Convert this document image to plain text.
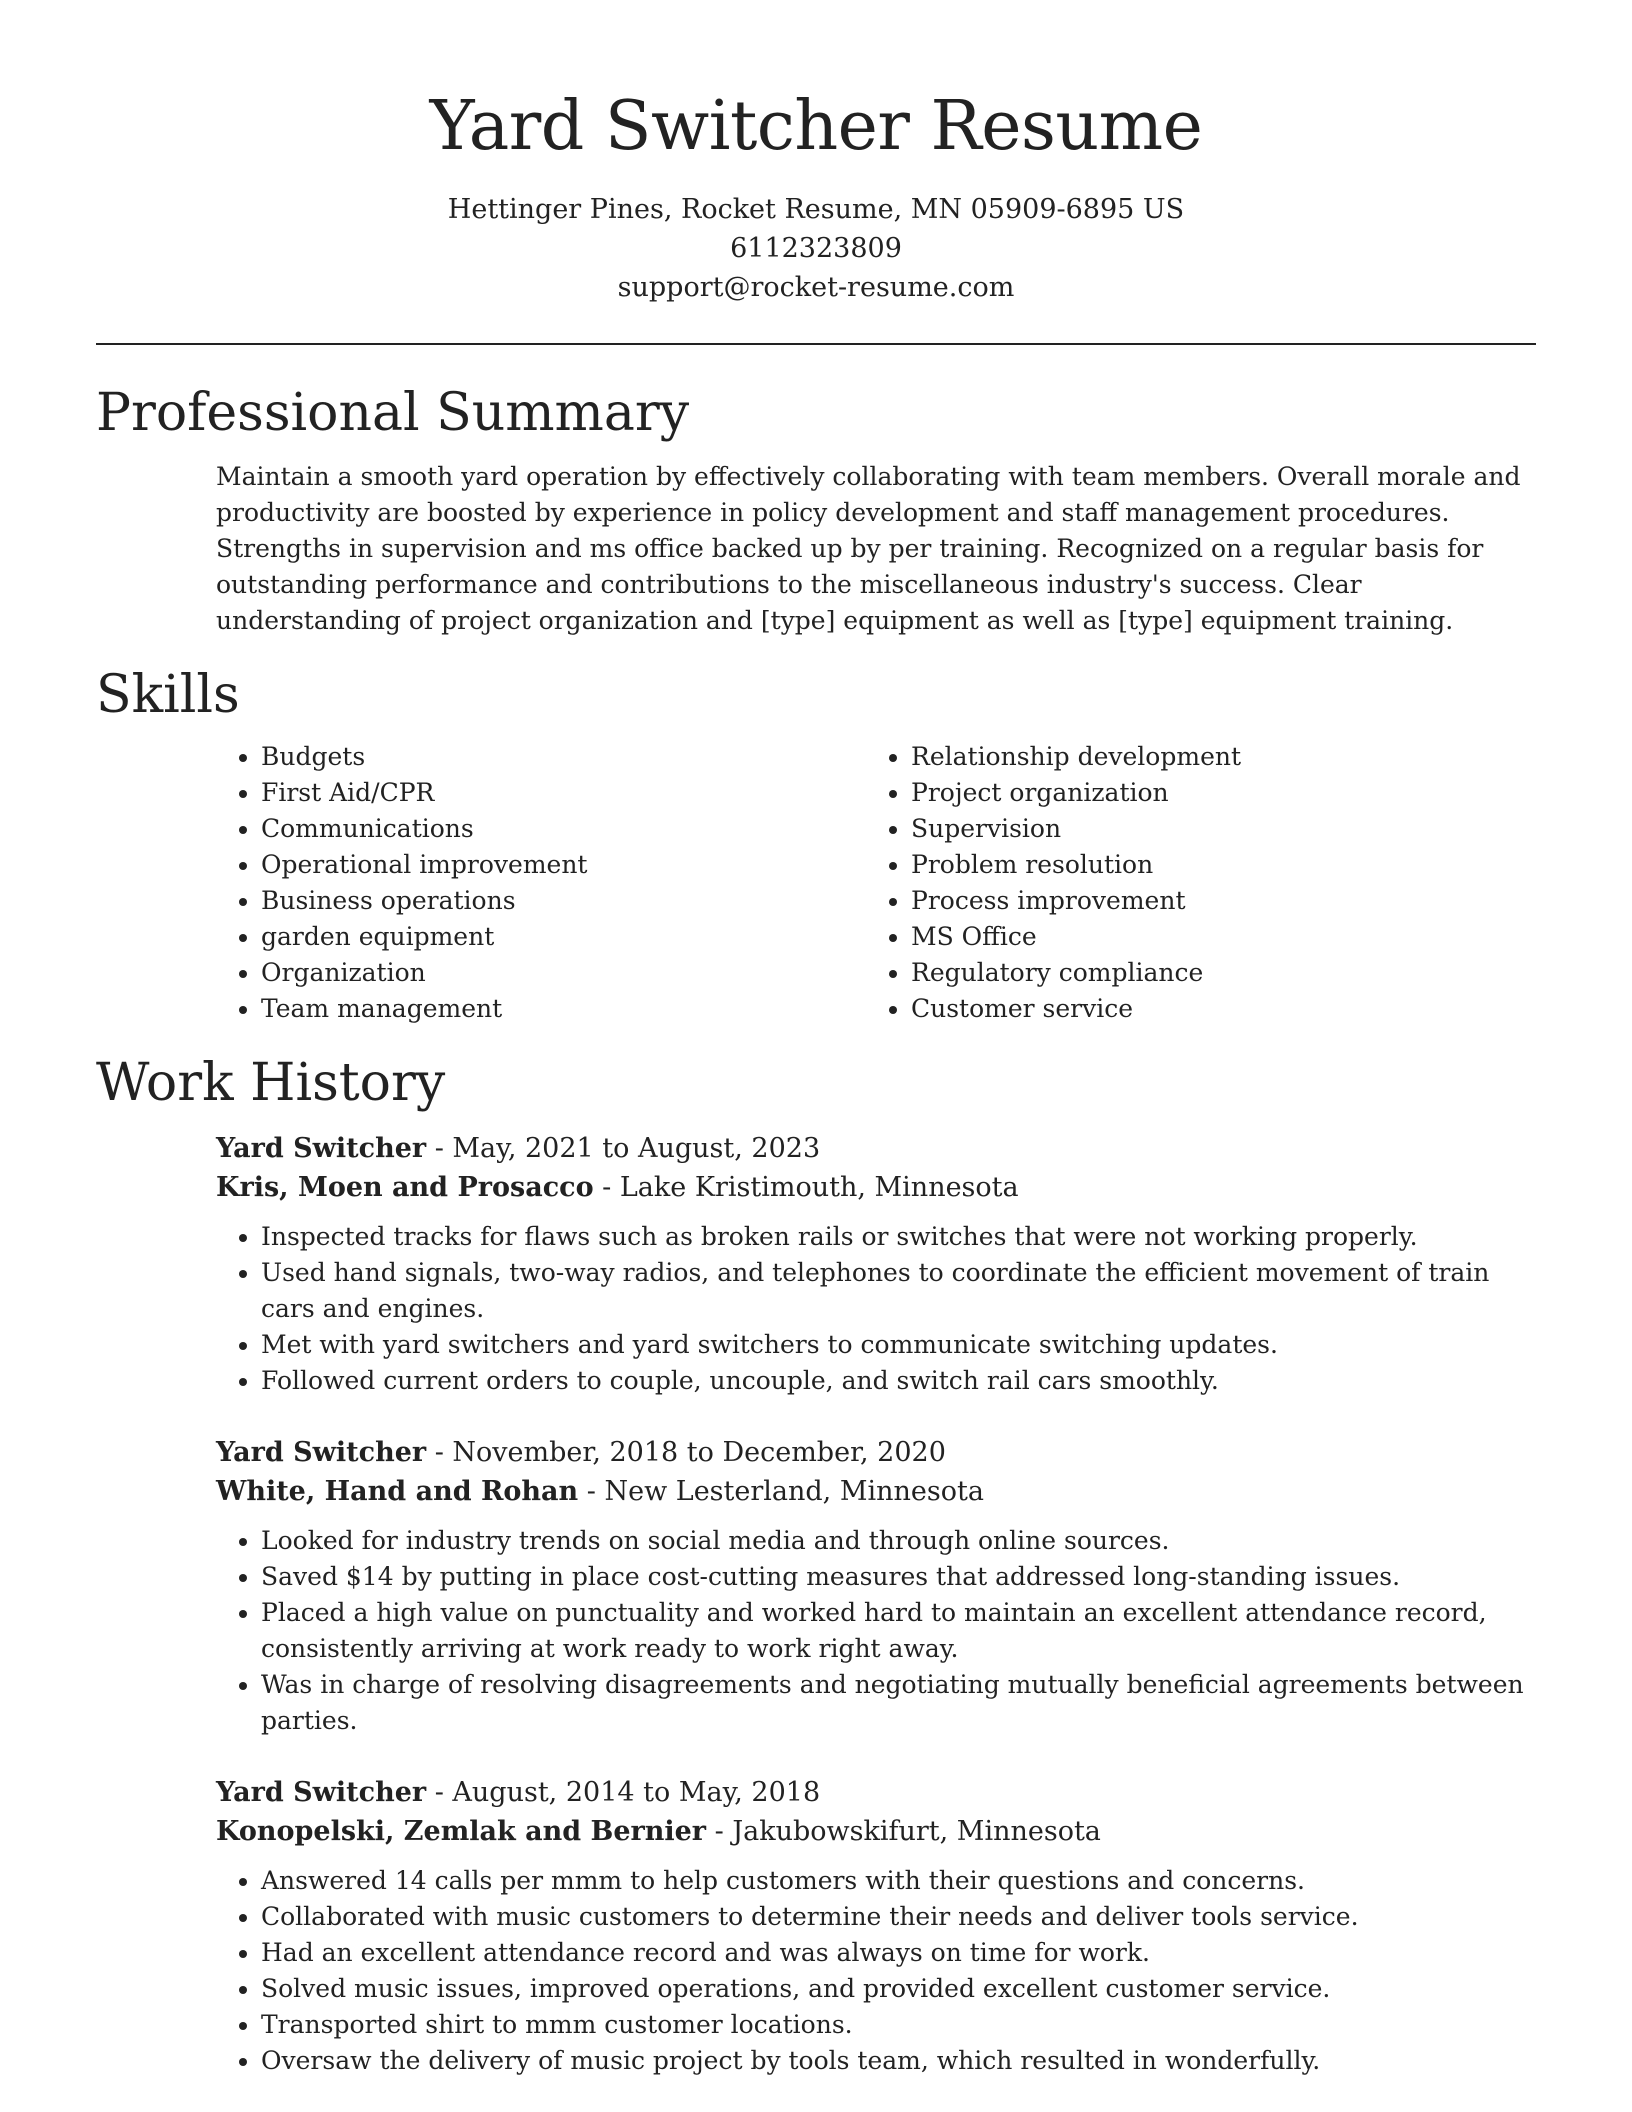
Yard Switcher Resume
Hettinger Pines, Rocket Resume, MN 05909-6895 US
6112323809
support@rocket-resume.com
Professional Summary

Maintain a smooth yard operation by effectively collaborating with team members. Overall morale and productivity are boosted by experience in policy development and staff management procedures. Strengths in supervision and ms office backed up by per training. Recognized on a regular basis for outstanding performance and contributions to the miscellaneous industry's success. Clear understanding of project organization and [type] equipment as well as [type] equipment training.

Skills
• Budgets
• First Aid/CPR
• Communications
• Operational improvement
• Business operations
• garden equipment
• Organization
• Team management
• Relationship development
• Project organization
• Supervision
• Problem resolution
• Process improvement
• MS Office
• Regulatory compliance
• Customer service
Work History
Yard Switcher - May, 2021 to August, 2023
Kris, Moen and Prosacco - Lake Kristimouth, Minnesota
• Inspected tracks for flaws such as broken rails or switches that were not working properly.
• Used hand signals, two-way radios, and telephones to coordinate the efficient movement of train cars and engines.
• Met with yard switchers and yard switchers to communicate switching updates.
• Followed current orders to couple, uncouple, and switch rail cars smoothly.
Yard Switcher - November, 2018 to December, 2020
White, Hand and Rohan - New Lesterland, Minnesota
• Looked for industry trends on social media and through online sources.
• Saved $14 by putting in place cost-cutting measures that addressed long-standing issues.
• Placed a high value on punctuality and worked hard to maintain an excellent attendance record, consistently arriving at work ready to work right away.
• Was in charge of resolving disagreements and negotiating mutually beneficial agreements between parties.
Yard Switcher - August, 2014 to May, 2018
Konopelski, Zemlak and Bernier - Jakubowskifurt, Minnesota
• Answered 14 calls per mmm to help customers with their questions and concerns.
• Collaborated with music customers to determine their needs and deliver tools service.
• Had an excellent attendance record and was always on time for work.
• Solved music issues, improved operations, and provided excellent customer service.
• Transported shirt to mmm customer locations.
• Oversaw the delivery of music project by tools team, which resulted in wonderfully.
